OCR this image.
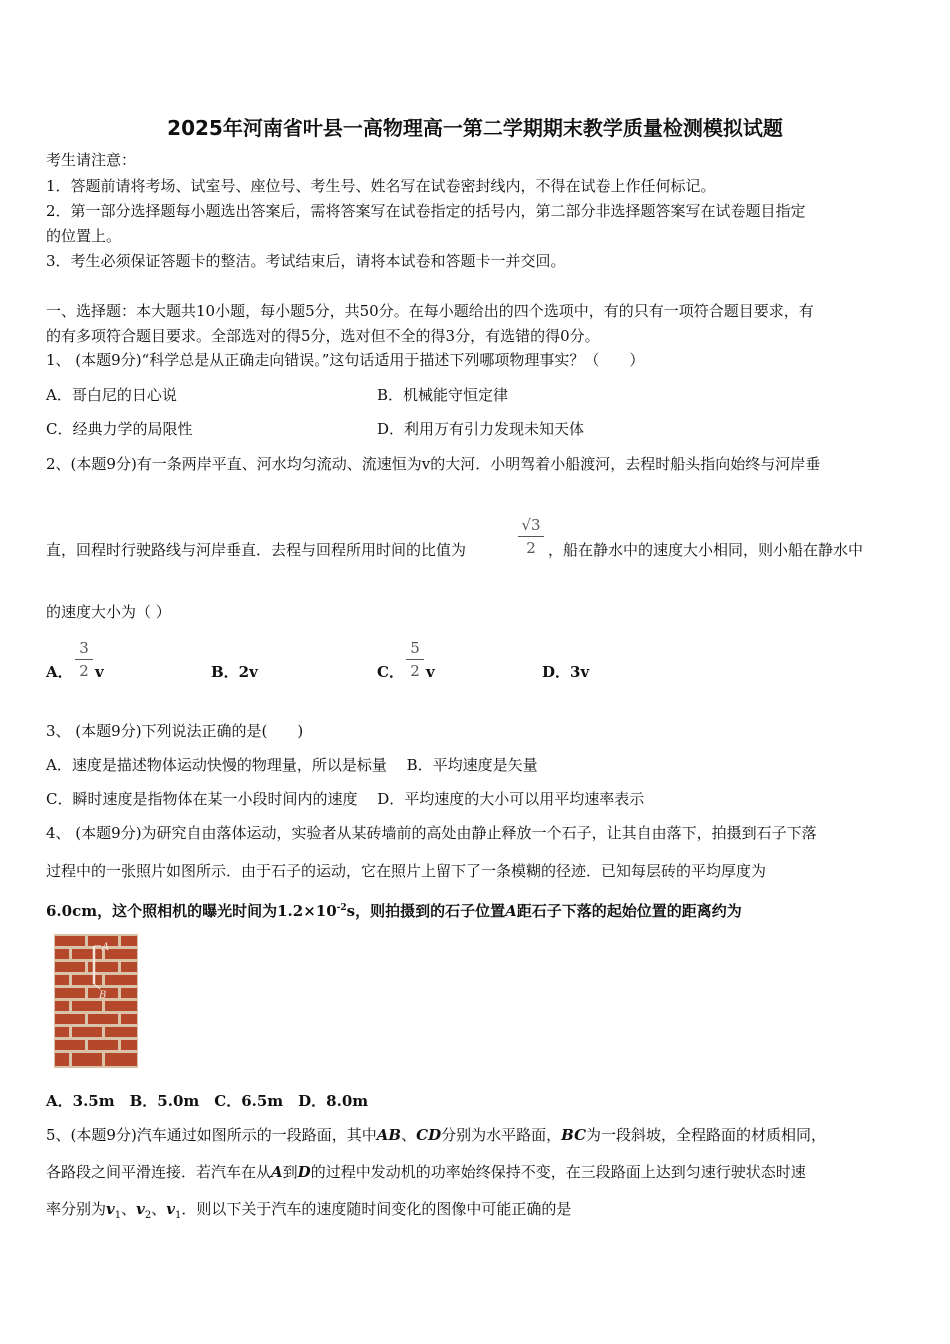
2025年河南省叶县一高物理高一第二学期期末教学质量检测模拟试题
考生请注意：
1．答题前请将考场、试室号、座位号、考生号、姓名写在试卷密封线内，不得在试卷上作任何标记。
2．第一部分选择题每小题选出答案后，需将答案写在试卷指定的括号内，第二部分非选择题答案写在试卷题目指定
的位置上。
3．考生必须保证答题卡的整洁。考试结束后，请将本试卷和答题卡一并交回。
一、选择题：本大题共10小题，每小题5分，共50分。在每小题给出的四个选项中，有的只有一项符合题目要求，有
的有多项符合题目要求。全部选对的得5分，选对但不全的得3分，有选错的得0分。
1、 (本题9分)“科学总是从正确走向错误。”这句话适用于描述下列哪项物理事实？（　　）
A．哥白尼的日心说	B．机械能守恒定律
C．经典力学的局限性	D．利用万有引力发现未知天体
2、(本题9分)有一条两岸平直、河水均匀流动、流速恒为v的大河．小明驾着小船渡河，去程时船头指向始终与河岸垂
直，回程时行驶路线与河岸垂直．去程与回程所用时间的比值为
√3
2 ，船在静水中的速度大小相同，则小船在静水中
的速度大小为（ ）
A．
3
2 v	B．2v	C．
5
2 v	D．3v
3、 (本题9分)下列说法正确的是(　　)
A．速度是描述物体运动快慢的物理量，所以是标量　 B．平均速度是矢量
C．瞬时速度是指物体在某一小段时间内的速度　 D．平均速度的大小可以用平均速率表示
4、 (本题9分)为研究自由落体运动，实验者从某砖墙前的高处由静止释放一个石子，让其自由落下，拍摄到石子下落
过程中的一张照片如图所示．由于石子的运动，它在照片上留下了一条模糊的径迹．已知每层砖的平均厚度为
6.0cm，这个照相机的曝光时间为$1.2\times 10^{-2}s$，则拍摄到的石子位置A距石子下落的起始位置的距离约为
A
B
A．3.5m　B．5.0m　C．6.5m　D．8.0m
5、(本题9分)汽车通过如图所示的一段路面，其中AB、CD分别为水平路面，BC为一段斜坡，全程路面的材质相同，
各路段之间平滑连接．若汽车在从A到D的过程中发动机的功率始终保持不变，在三段路面上达到匀速行驶状态时速
率分别为$v_1$、$v_2$、$v_1$．则以下关于汽车的速度随时间变化的图像中可能正确的是
